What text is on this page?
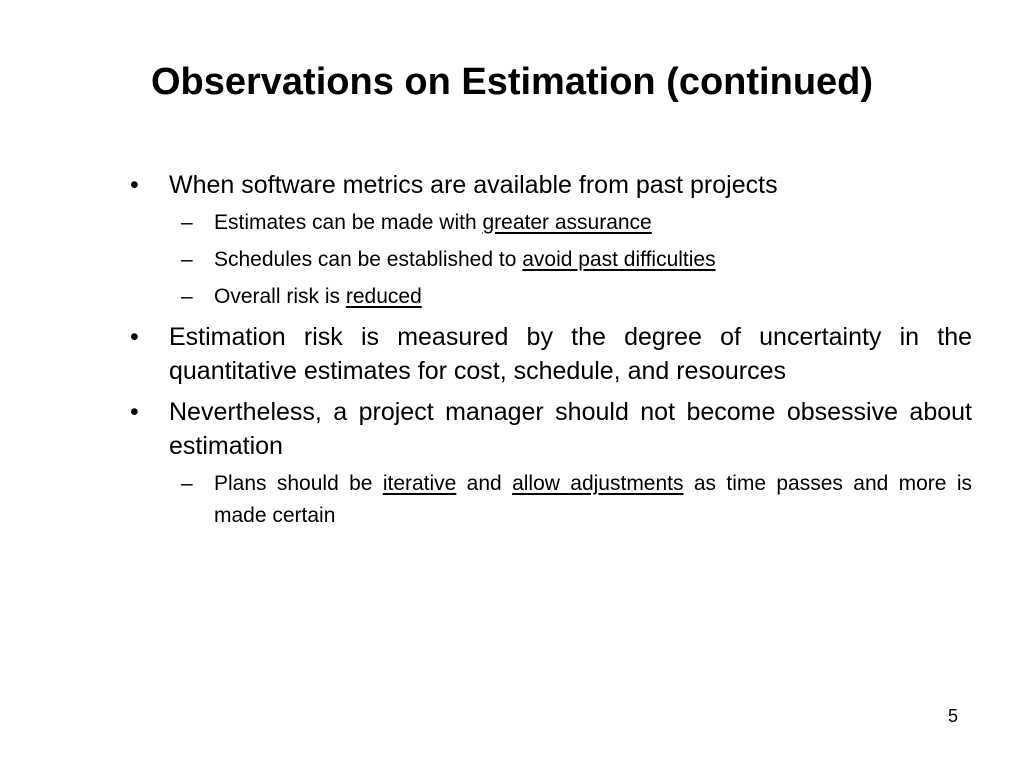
Observations on Estimation (continued)
• When software metrics are available from past projects
– Estimates can be made with greater assurance
– Schedules can be established to avoid past difficulties
– Overall risk is reduced
• Estimation risk is measured by the degree of uncertainty in the quantitative estimates for cost, schedule, and resources
• Nevertheless, a project manager should not become obsessive about estimation
– Plans should be iterative and allow adjustments as time passes and more is made certain
5
